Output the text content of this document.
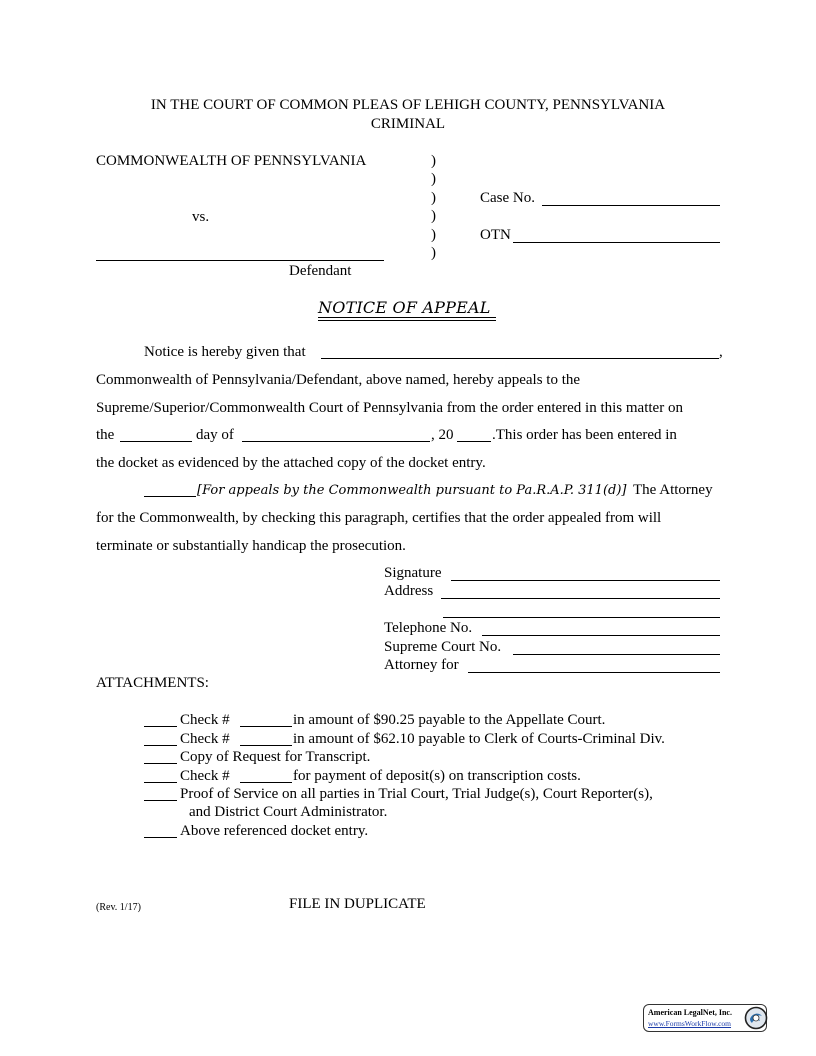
IN THE COURT OF COMMON PLEAS OF LEHIGH COUNTY, PENNSYLVANIA
CRIMINAL
COMMONWEALTH OF PENNSYLVANIA
vs.
Defendant
)
)
)
)
)
)
Case No.
OTN
NOTICE OF APPEAL
Notice is hereby given that	,
Commonwealth of Pennsylvania/Defendant, above named, hereby appeals to the
Supreme/Superior/Commonwealth Court of Pennsylvania from the order entered in this matter on
the	day of	, 20	.This order has been entered in
the docket as evidenced by the attached copy of the docket entry.
[For appeals by the Commonwealth pursuant to Pa.R.A.P. 311(d)] The Attorney
for the Commonwealth, by checking this paragraph, certifies that the order appealed from will
terminate or substantially handicap the prosecution.
Signature
Address
Telephone No.
Supreme Court No.
Attorney for
ATTACHMENTS:
Check #	in amount of $90.25 payable to the Appellate Court.
Check #	in amount of $62.10 payable to Clerk of Courts-Criminal Div.
Copy of Request for Transcript.
Check #	for payment of deposit(s) on transcription costs.
Proof of Service on all parties in Trial Court, Trial Judge(s), Court Reporter(s),
and District Court Administrator.
Above referenced docket entry.
(Rev. 1/17)	FILE IN DUPLICATE
American LegalNet, Inc.
www.FormsWorkFlow.com
